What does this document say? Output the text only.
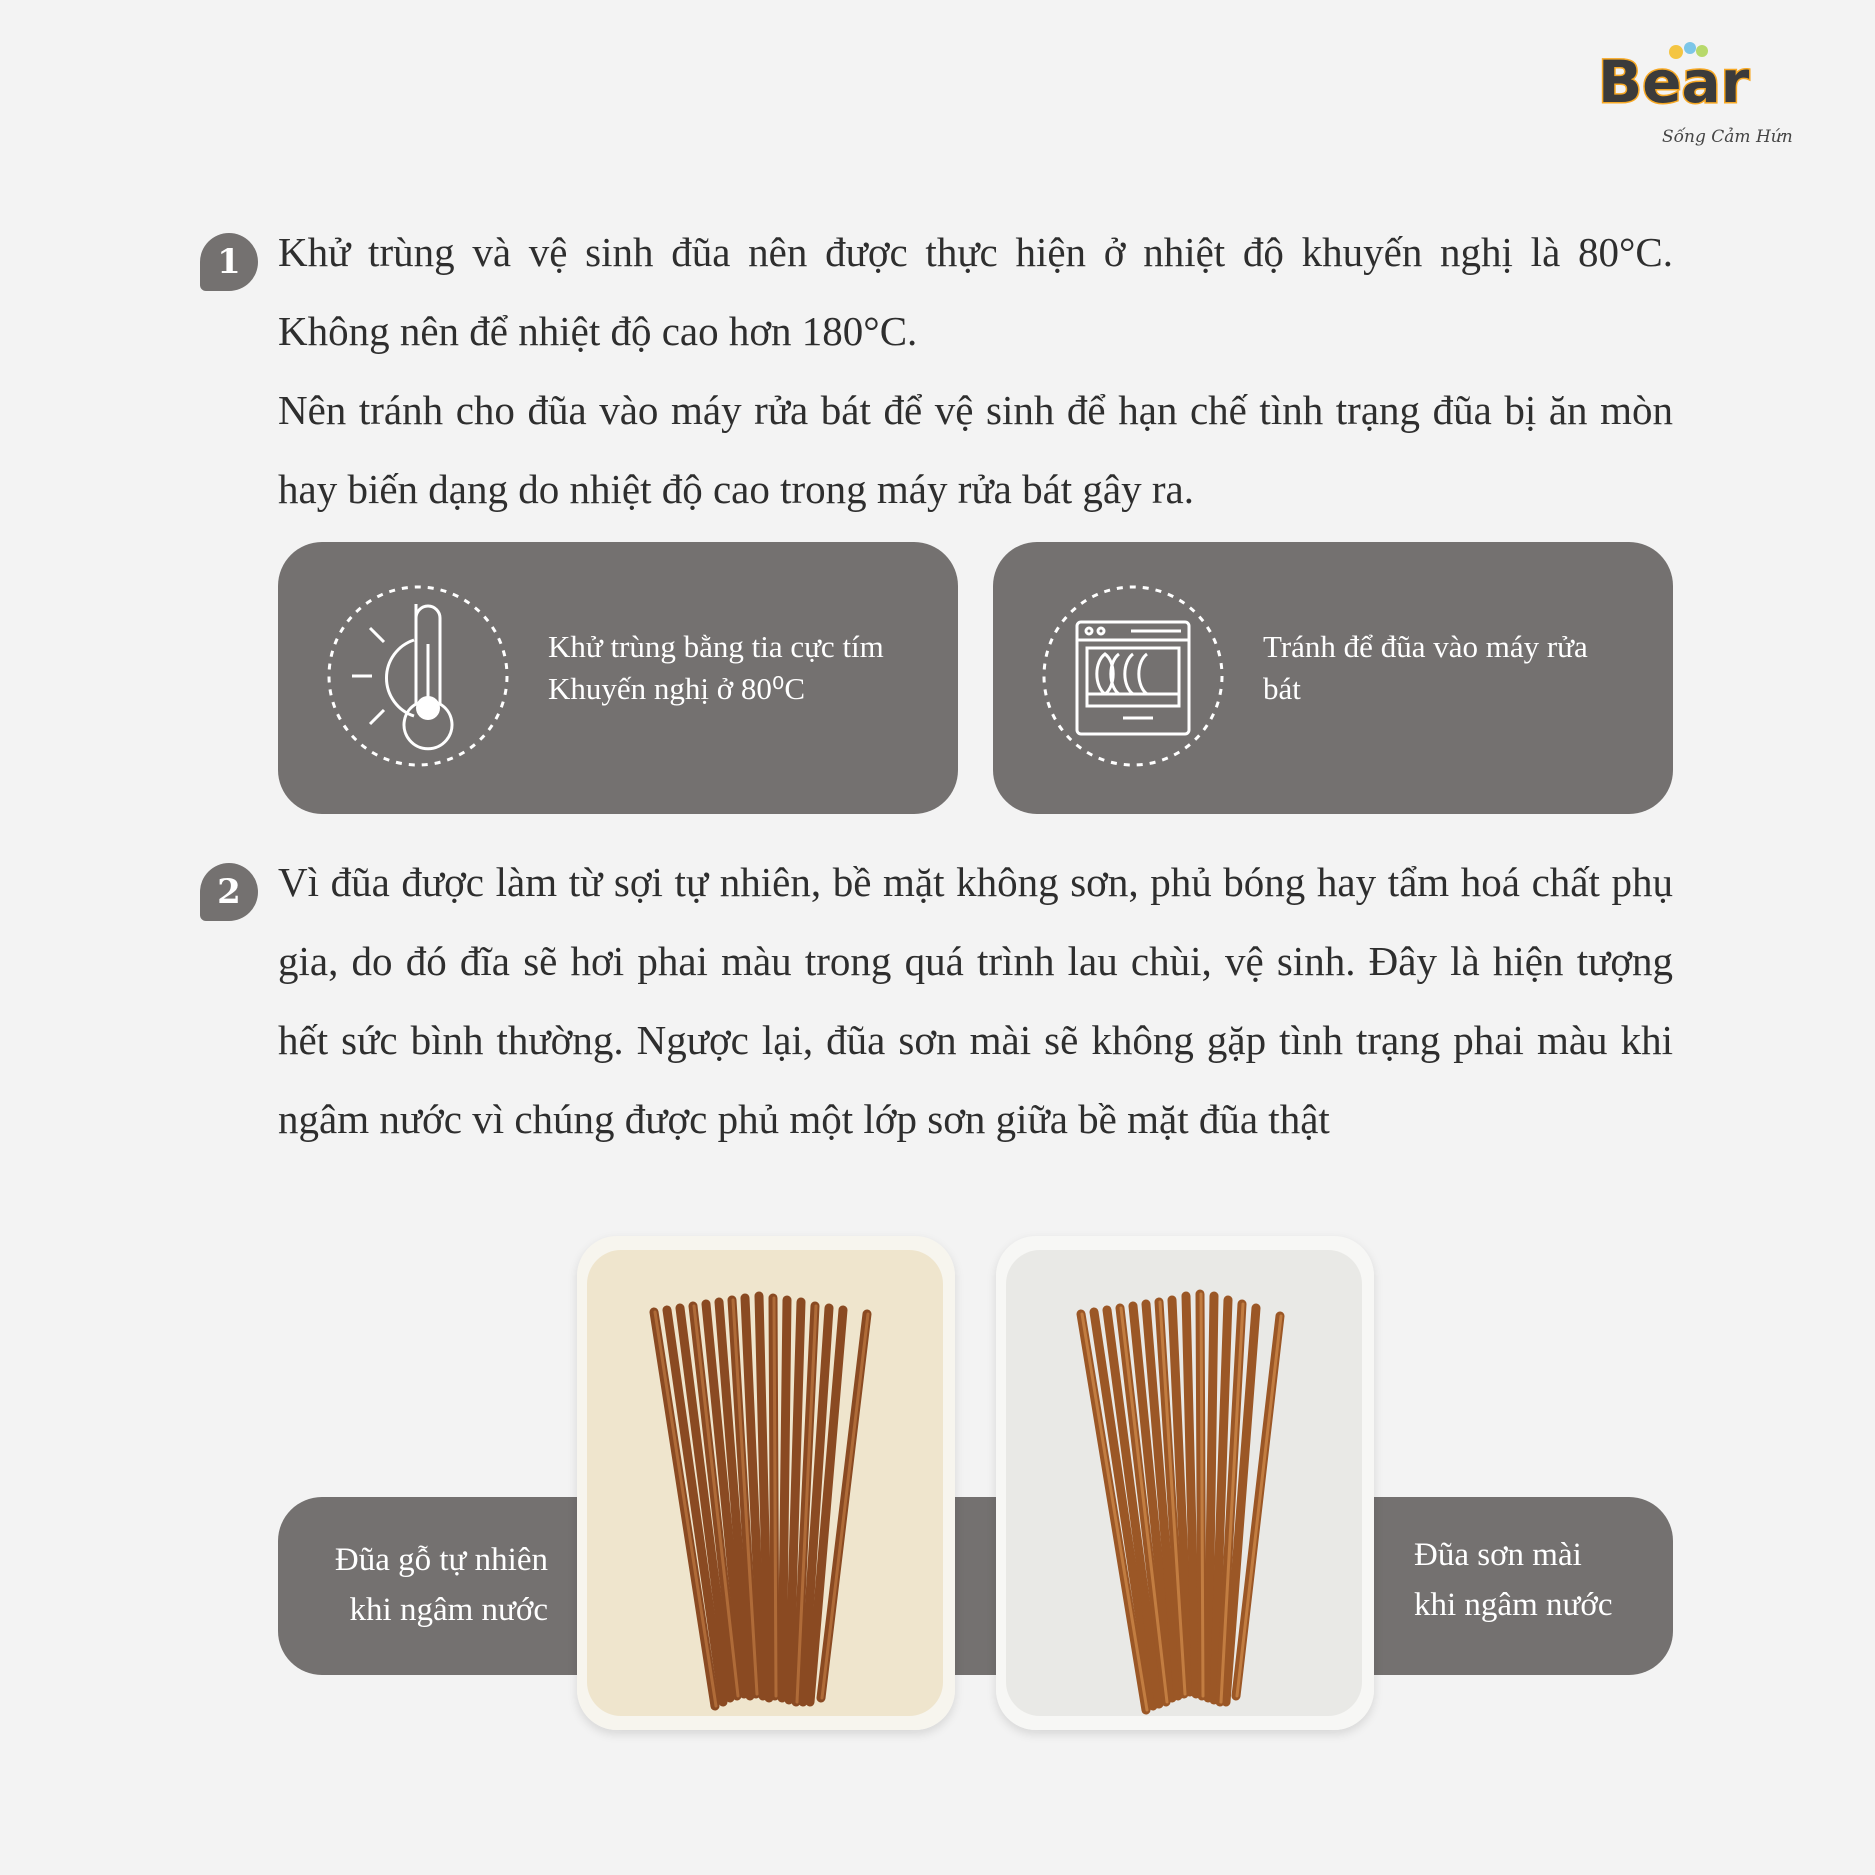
Bear
Sống Cảm Hứng
1 Khử trùng và vệ sinh đũa nên được thực hiện ở nhiệt độ khuyến nghị là 80°C. Không nên để nhiệt độ cao hơn 180°C.

Nên tránh cho đũa vào máy rửa bát để vệ sinh để hạn chế tình trạng đũa bị ăn mòn hay biến dạng do nhiệt độ cao trong máy rửa bát gây ra.

Khử trùng bằng tia cực tím
Khuyến nghị ở 80⁰C
Tránh để đũa vào máy rửa
bát
2 Vì đũa được làm từ sợi tự nhiên, bề mặt không sơn, phủ bóng hay tẩm hoá chất phụ gia, do đó đĩa sẽ hơi phai màu trong quá trình lau chùi, vệ sinh. Đây là hiện tượng hết sức bình thường. Ngược lại, đũa sơn mài sẽ không gặp tình trạng phai màu khi ngâm nước vì chúng được phủ một lớp sơn giữa bề mặt đũa thật
Đũa gỗ tự nhiên
khi ngâm nước
Đũa sơn mài
khi ngâm nước
